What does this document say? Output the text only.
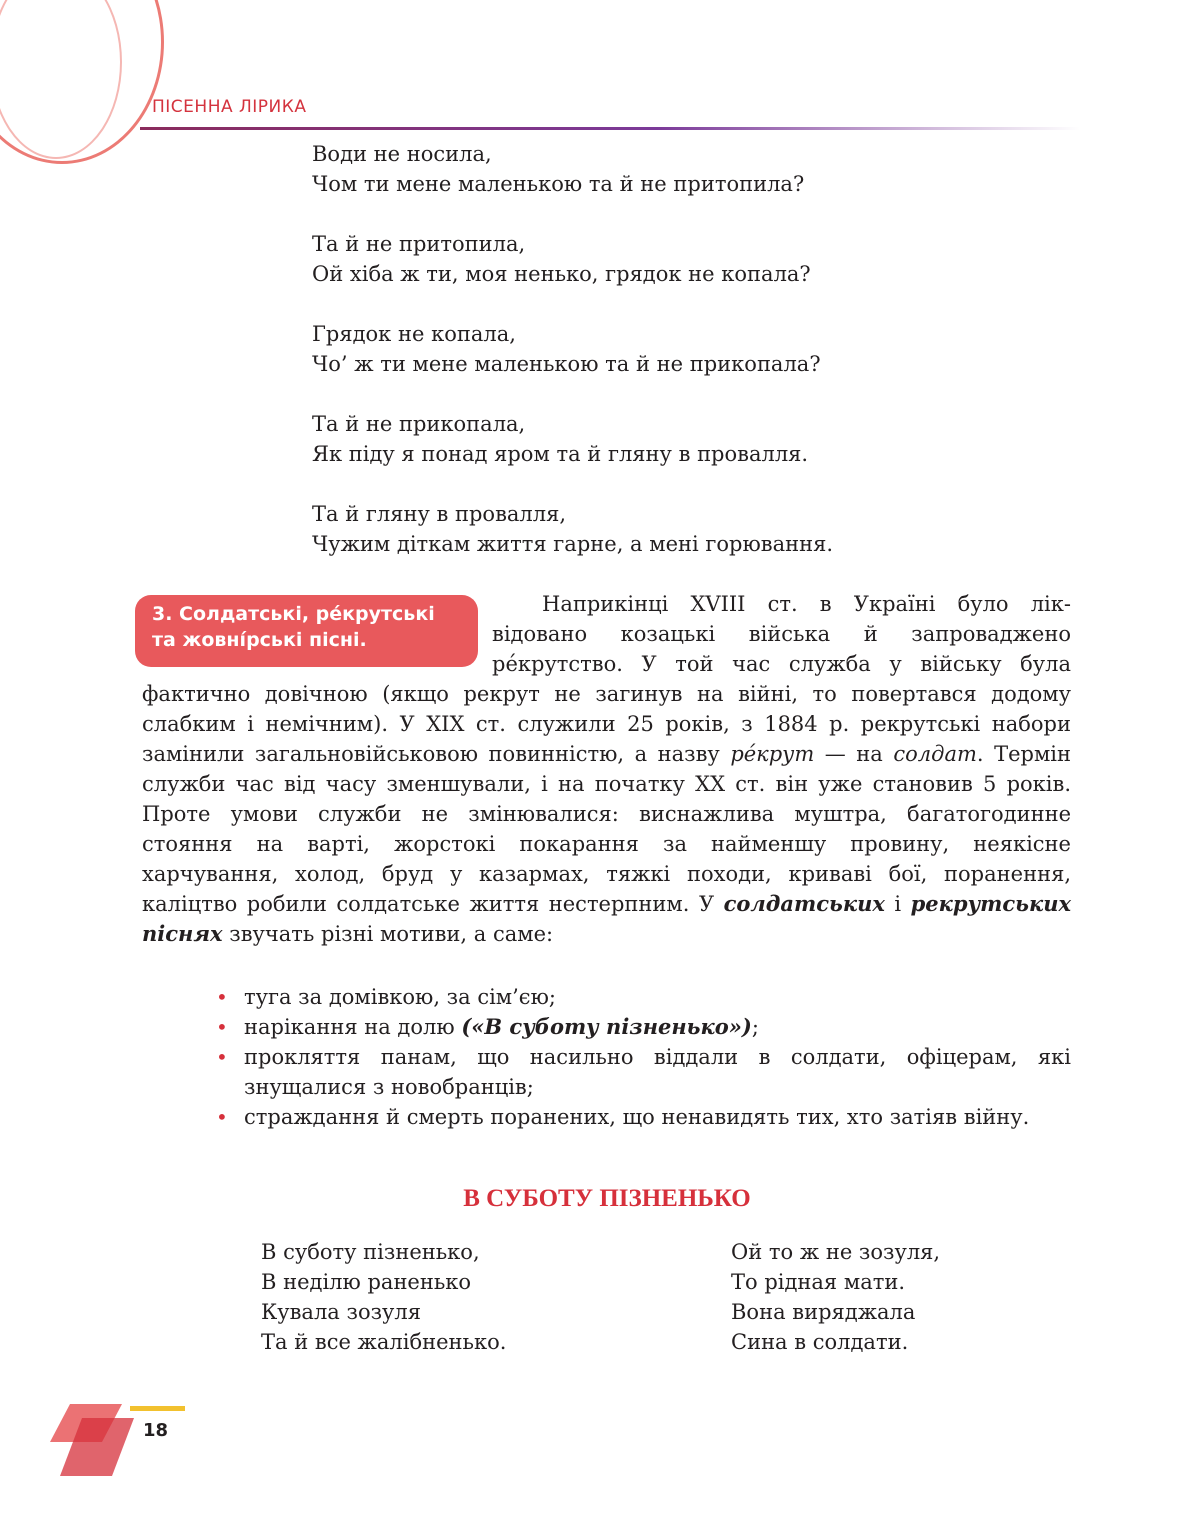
ПІСЕННА ЛІРИКА
Води не носила,
Чом ти мене маленькою та й не притопила?
Та й не притопила,
Ой хіба ж ти, моя ненько, грядок не копала?
Грядок не копала,
Чо’ ж ти мене маленькою та й не прикопала?
Та й не прикопала,
Як піду я понад яром та й гляну в провалля.
Та й гляну в провалля,
Чужим діткам життя гарне, а мені горювання.
3. Солдатські, ре́крутські
та жовні́рські пісні.
Наприкінці XVIII ст. в Україні було лік-
відовано козацькі війська й запроваджено
ре́крутство. У той час служба у війську була

фактично довічною (якщо рекрут не загинув на війні, то повертався додому слабким і немічним). У XIX ст. служили 25 років, з 1884 р. рекрутські набори замінили загальновійськовою повинністю, а назву ре́крут — на солдат. Термін служби час від часу зменшували, і на початку XX ст. він уже становив 5 років. Проте умови служби не змінювалися: виснажлива муштра, багатогодинне стояння на варті, жорстокі покарання за найменшу провину, неякісне харчування, холод, бруд у казармах, тяжкі походи, криваві бої, поранення, каліцтво робили солдатське життя нестерпним. У солдатських і рекрутських піснях звучать різні мотиви, а саме:

• туга за домівкою, за сім’єю;
• нарікання на долю («В суботу пізненько»);
• прокляття панам, що насильно віддали в солдати, офіцерам, які знущалися з новобранців;
• страждання й смерть поранених, що ненавидять тих, хто затіяв війну.
В СУБОТУ ПІЗНЕНЬКО
В суботу пізненько,
В неділю раненько
Кувала зозуля
Та й все жалібненько.
Ой то ж не зозуля,
То рідная мати.
Вона виряджала
Сина в солдати.
18
